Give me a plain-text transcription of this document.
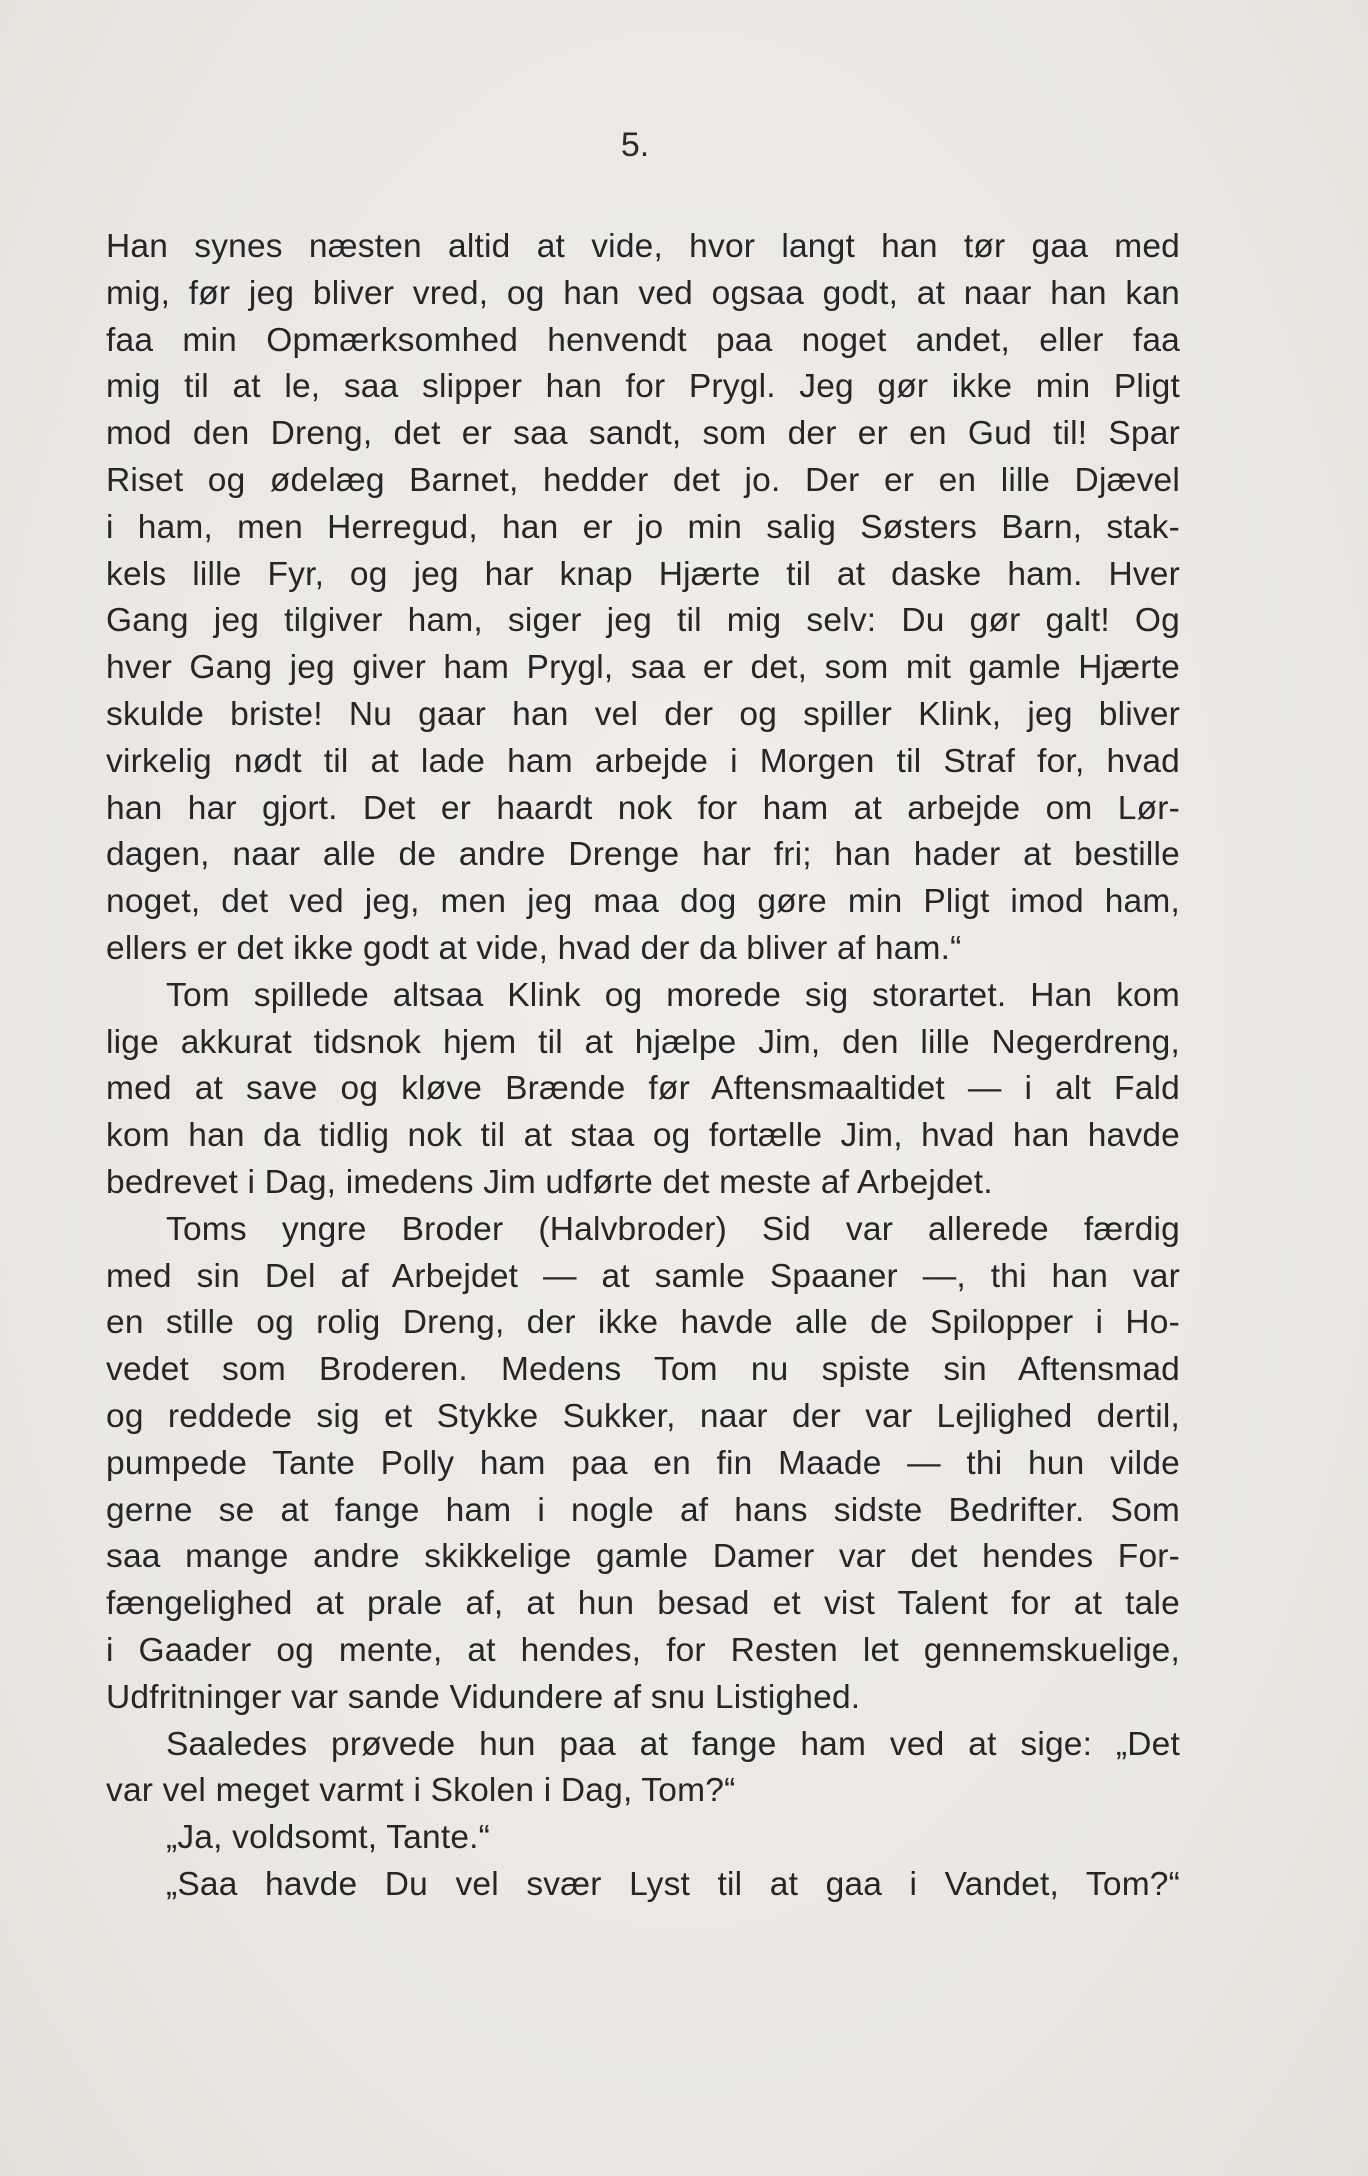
5.

Han synes næsten altid at vide, hvor langt han tør gaa med
mig, før jeg bliver vred, og han ved ogsaa godt, at naar han kan
faa min Opmærksomhed henvendt paa noget andet, eller faa
mig til at le, saa slipper han for Prygl. Jeg gør ikke min Pligt
mod den Dreng, det er saa sandt, som der er en Gud til! Spar
Riset og ødelæg Barnet, hedder det jo. Der er en lille Djævel
i ham, men Herregud, han er jo min salig Søsters Barn, stak-
kels lille Fyr, og jeg har knap Hjærte til at daske ham. Hver
Gang jeg tilgiver ham, siger jeg til mig selv: Du gør galt! Og
hver Gang jeg giver ham Prygl, saa er det, som mit gamle Hjærte
skulde briste! Nu gaar han vel der og spiller Klink, jeg bliver
virkelig nødt til at lade ham arbejde i Morgen til Straf for, hvad
han har gjort. Det er haardt nok for ham at arbejde om Lør-
dagen, naar alle de andre Drenge har fri; han hader at bestille
noget, det ved jeg, men jeg maa dog gøre min Pligt imod ham,
ellers er det ikke godt at vide, hvad der da bliver af ham.“

Tom spillede altsaa Klink og morede sig storartet. Han kom
lige akkurat tidsnok hjem til at hjælpe Jim, den lille Negerdreng,
med at save og kløve Brænde før Aftensmaaltidet — i alt Fald
kom han da tidlig nok til at staa og fortælle Jim, hvad han havde
bedrevet i Dag, imedens Jim udførte det meste af Arbejdet.

Toms yngre Broder (Halvbroder) Sid var allerede færdig
med sin Del af Arbejdet — at samle Spaaner —, thi han var
en stille og rolig Dreng, der ikke havde alle de Spilopper i Ho-
vedet som Broderen. Medens Tom nu spiste sin Aftensmad
og reddede sig et Stykke Sukker, naar der var Lejlighed dertil,
pumpede Tante Polly ham paa en fin Maade — thi hun vilde
gerne se at fange ham i nogle af hans sidste Bedrifter. Som
saa mange andre skikkelige gamle Damer var det hendes For-
fængelighed at prale af, at hun besad et vist Talent for at tale
i Gaader og mente, at hendes, for Resten let gennemskuelige,
Udfritninger var sande Vidundere af snu Listighed.

Saaledes prøvede hun paa at fange ham ved at sige: „Det
var vel meget varmt i Skolen i Dag, Tom?“

„Ja, voldsomt, Tante.“

„Saa havde Du vel svær Lyst til at gaa i Vandet, Tom?“
